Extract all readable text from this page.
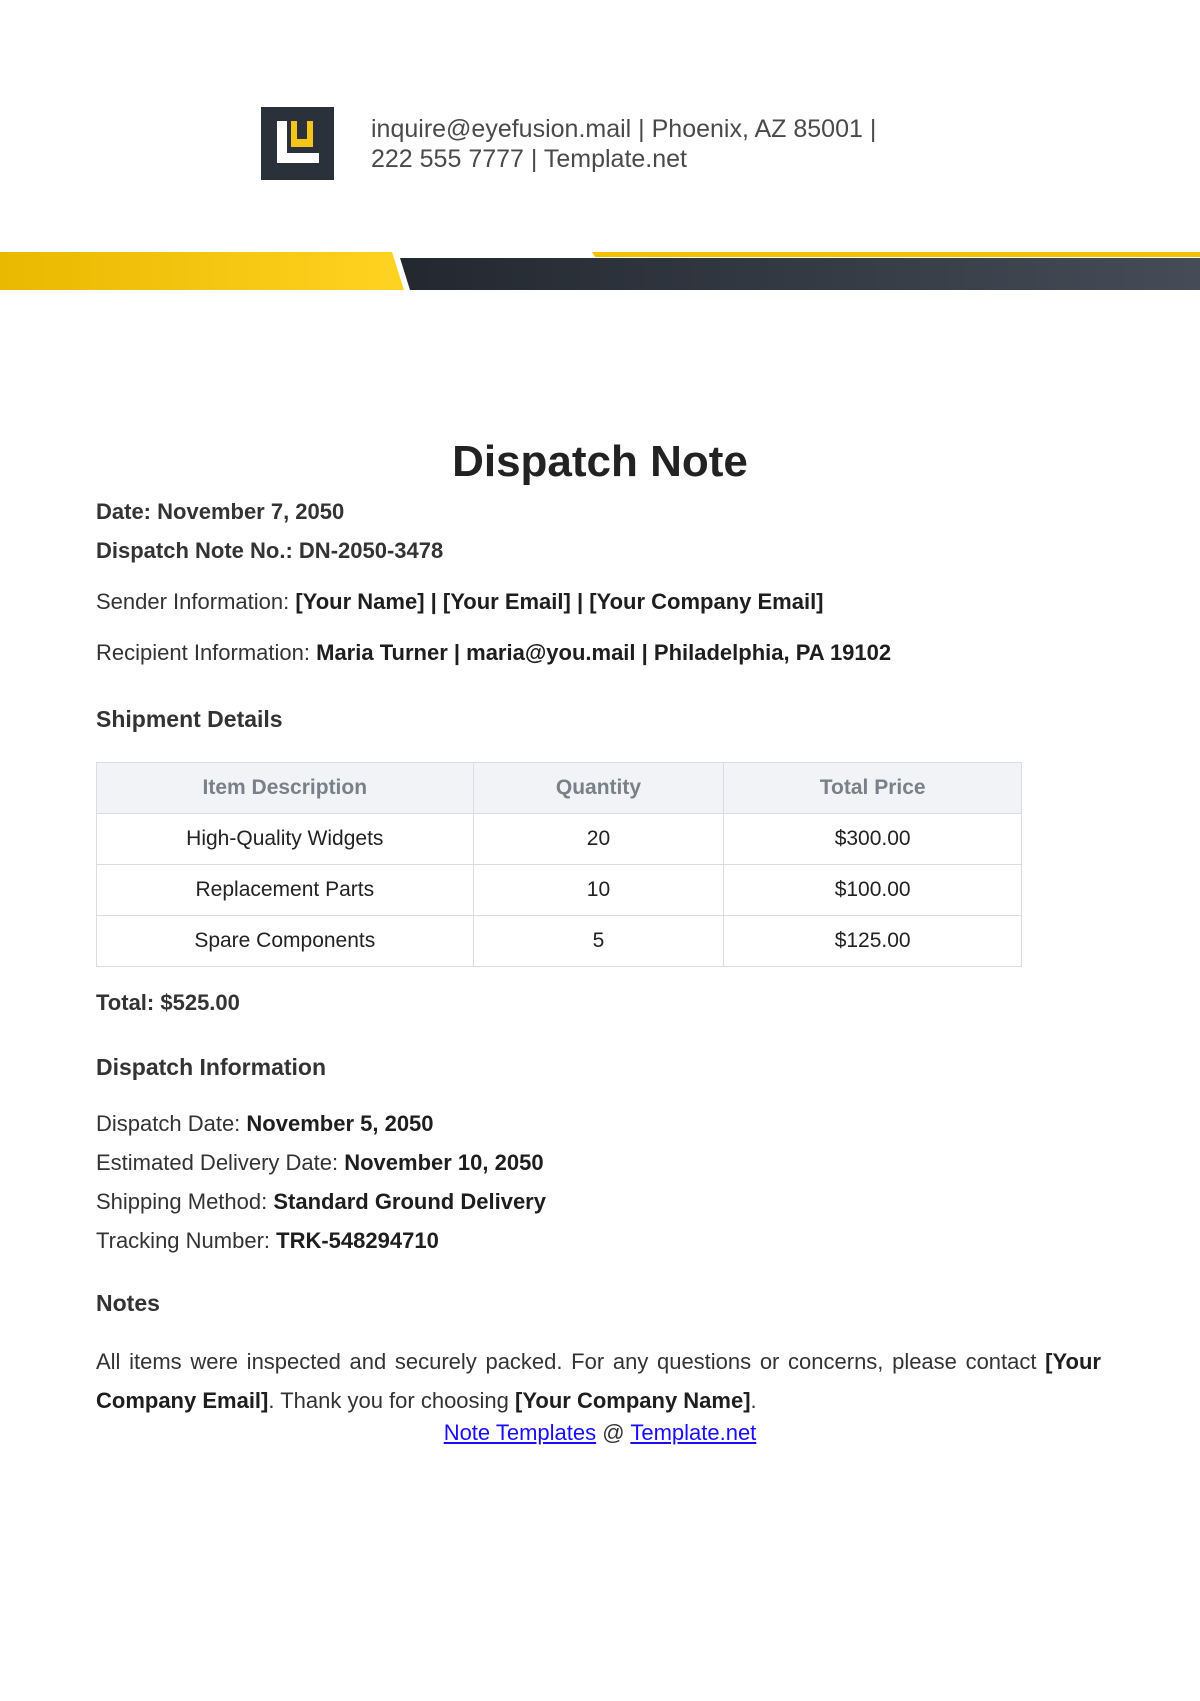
inquire@eyefusion.mail | Phoenix, AZ 85001 |
222 555 7777 | Template.net
Dispatch Note
Date: November 7, 2050
Dispatch Note No.: DN-2050-3478
Sender Information: [Your Name] | [Your Email] | [Your Company Email]
Recipient Information: Maria Turner | maria@you.mail | Philadelphia, PA 19102
Shipment Details
Item Description	Quantity	Total Price
High-Quality Widgets	20	$300.00
Replacement Parts	10	$100.00
Spare Components	5	$125.00
Total: $525.00
Dispatch Information
Dispatch Date: November 5, 2050
Estimated Delivery Date: November 10, 2050
Shipping Method: Standard Ground Delivery
Tracking Number: TRK-548294710
Notes
All items were inspected and securely packed. For any questions or concerns, please contact [Your Company Email]. Thank you for choosing [Your Company Name].
Note Templates @ Template.net
